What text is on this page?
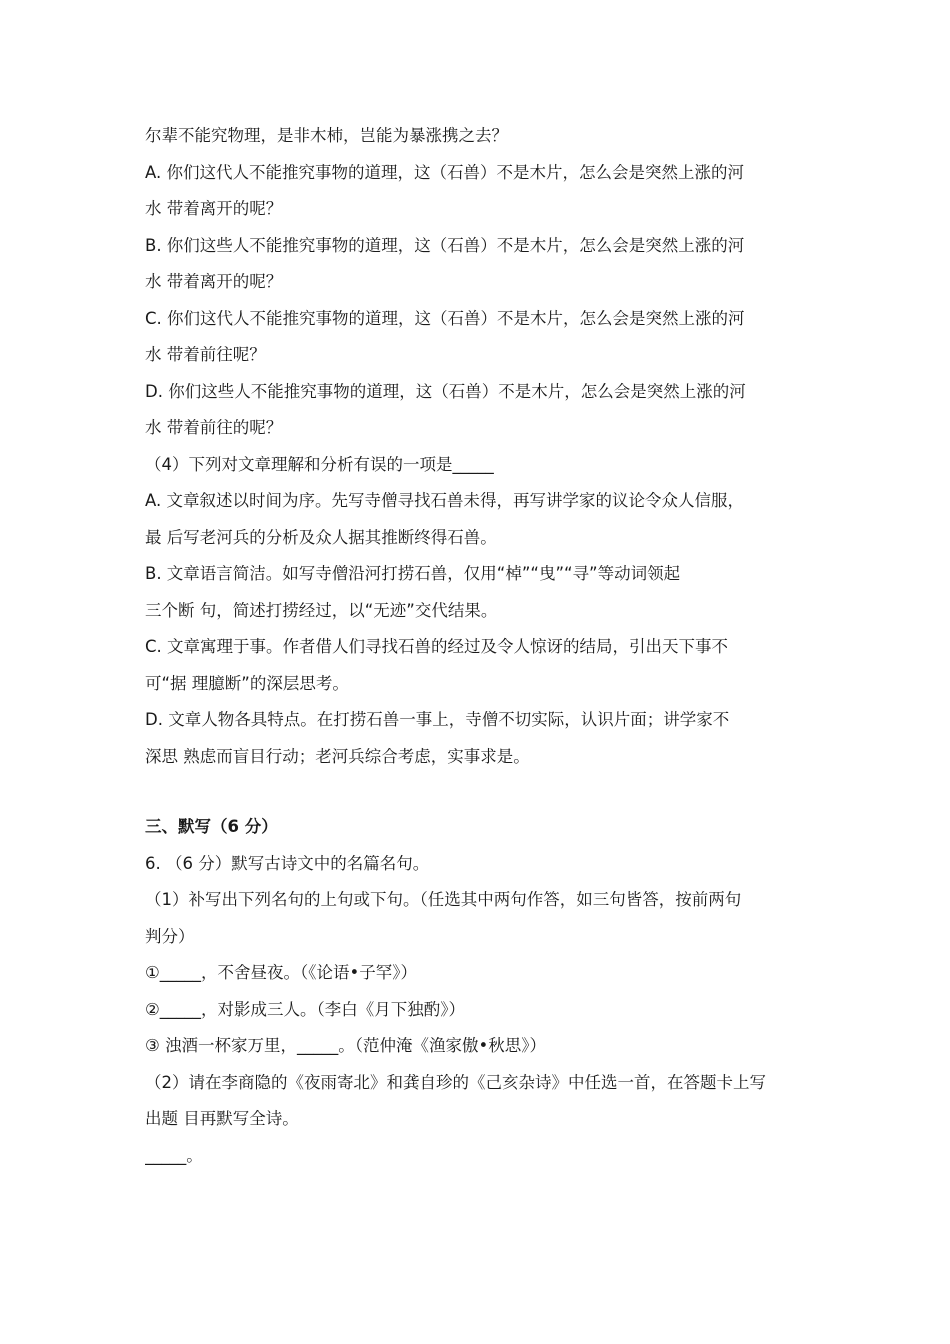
尔辈不能究物理，是非木杮，岂能为暴涨携之去？
A. 你们这代人不能推究事物的道理，这（石兽）不是木片，怎么会是突然上涨的河
水 带着离开的呢？
B. 你们这些人不能推究事物的道理，这（石兽）不是木片，怎么会是突然上涨的河
水 带着离开的呢？
C. 你们这代人不能推究事物的道理，这（石兽）不是木片，怎么会是突然上涨的河
水 带着前往呢？
D. 你们这些人不能推究事物的道理，这（石兽）不是木片，怎么会是突然上涨的河
水 带着前往的呢？
（4）下列对文章理解和分析有误的一项是_____
A. 文章叙述以时间为序。先写寺僧寻找石兽未得，再写讲学家的议论令众人信服，
最 后写老河兵的分析及众人据其推断终得石兽。
B. 文章语言简洁。如写寺僧沿河打捞石兽，仅用“棹”“曳”“寻”等动词领起
三个断 句，简述打捞经过，以“无迹”交代结果。
C. 文章寓理于事。作者借人们寻找石兽的经过及令人惊讶的结局，引出天下事不
可“据 理臆断”的深层思考。
D. 文章人物各具特点。在打捞石兽一事上，寺僧不切实际，认识片面；讲学家不
深思 熟虑而盲目行动；老河兵综合考虑，实事求是。
三、默写（6 分）
6. （6 分）默写古诗文中的名篇名句。
（1）补写出下列名句的上句或下句。（任选其中两句作答，如三句皆答，按前两句
判分）
①_____，不舍昼夜。（《论语•子罕》）
②_____，对影成三人。（李白《月下独酌》）
③ 浊酒一杯家万里，_____。（范仲淹《渔家傲•秋思》）
（2）请在李商隐的《夜雨寄北》和龚自珍的《己亥杂诗》中任选一首，在答题卡上写
出题 目再默写全诗。
_____。
